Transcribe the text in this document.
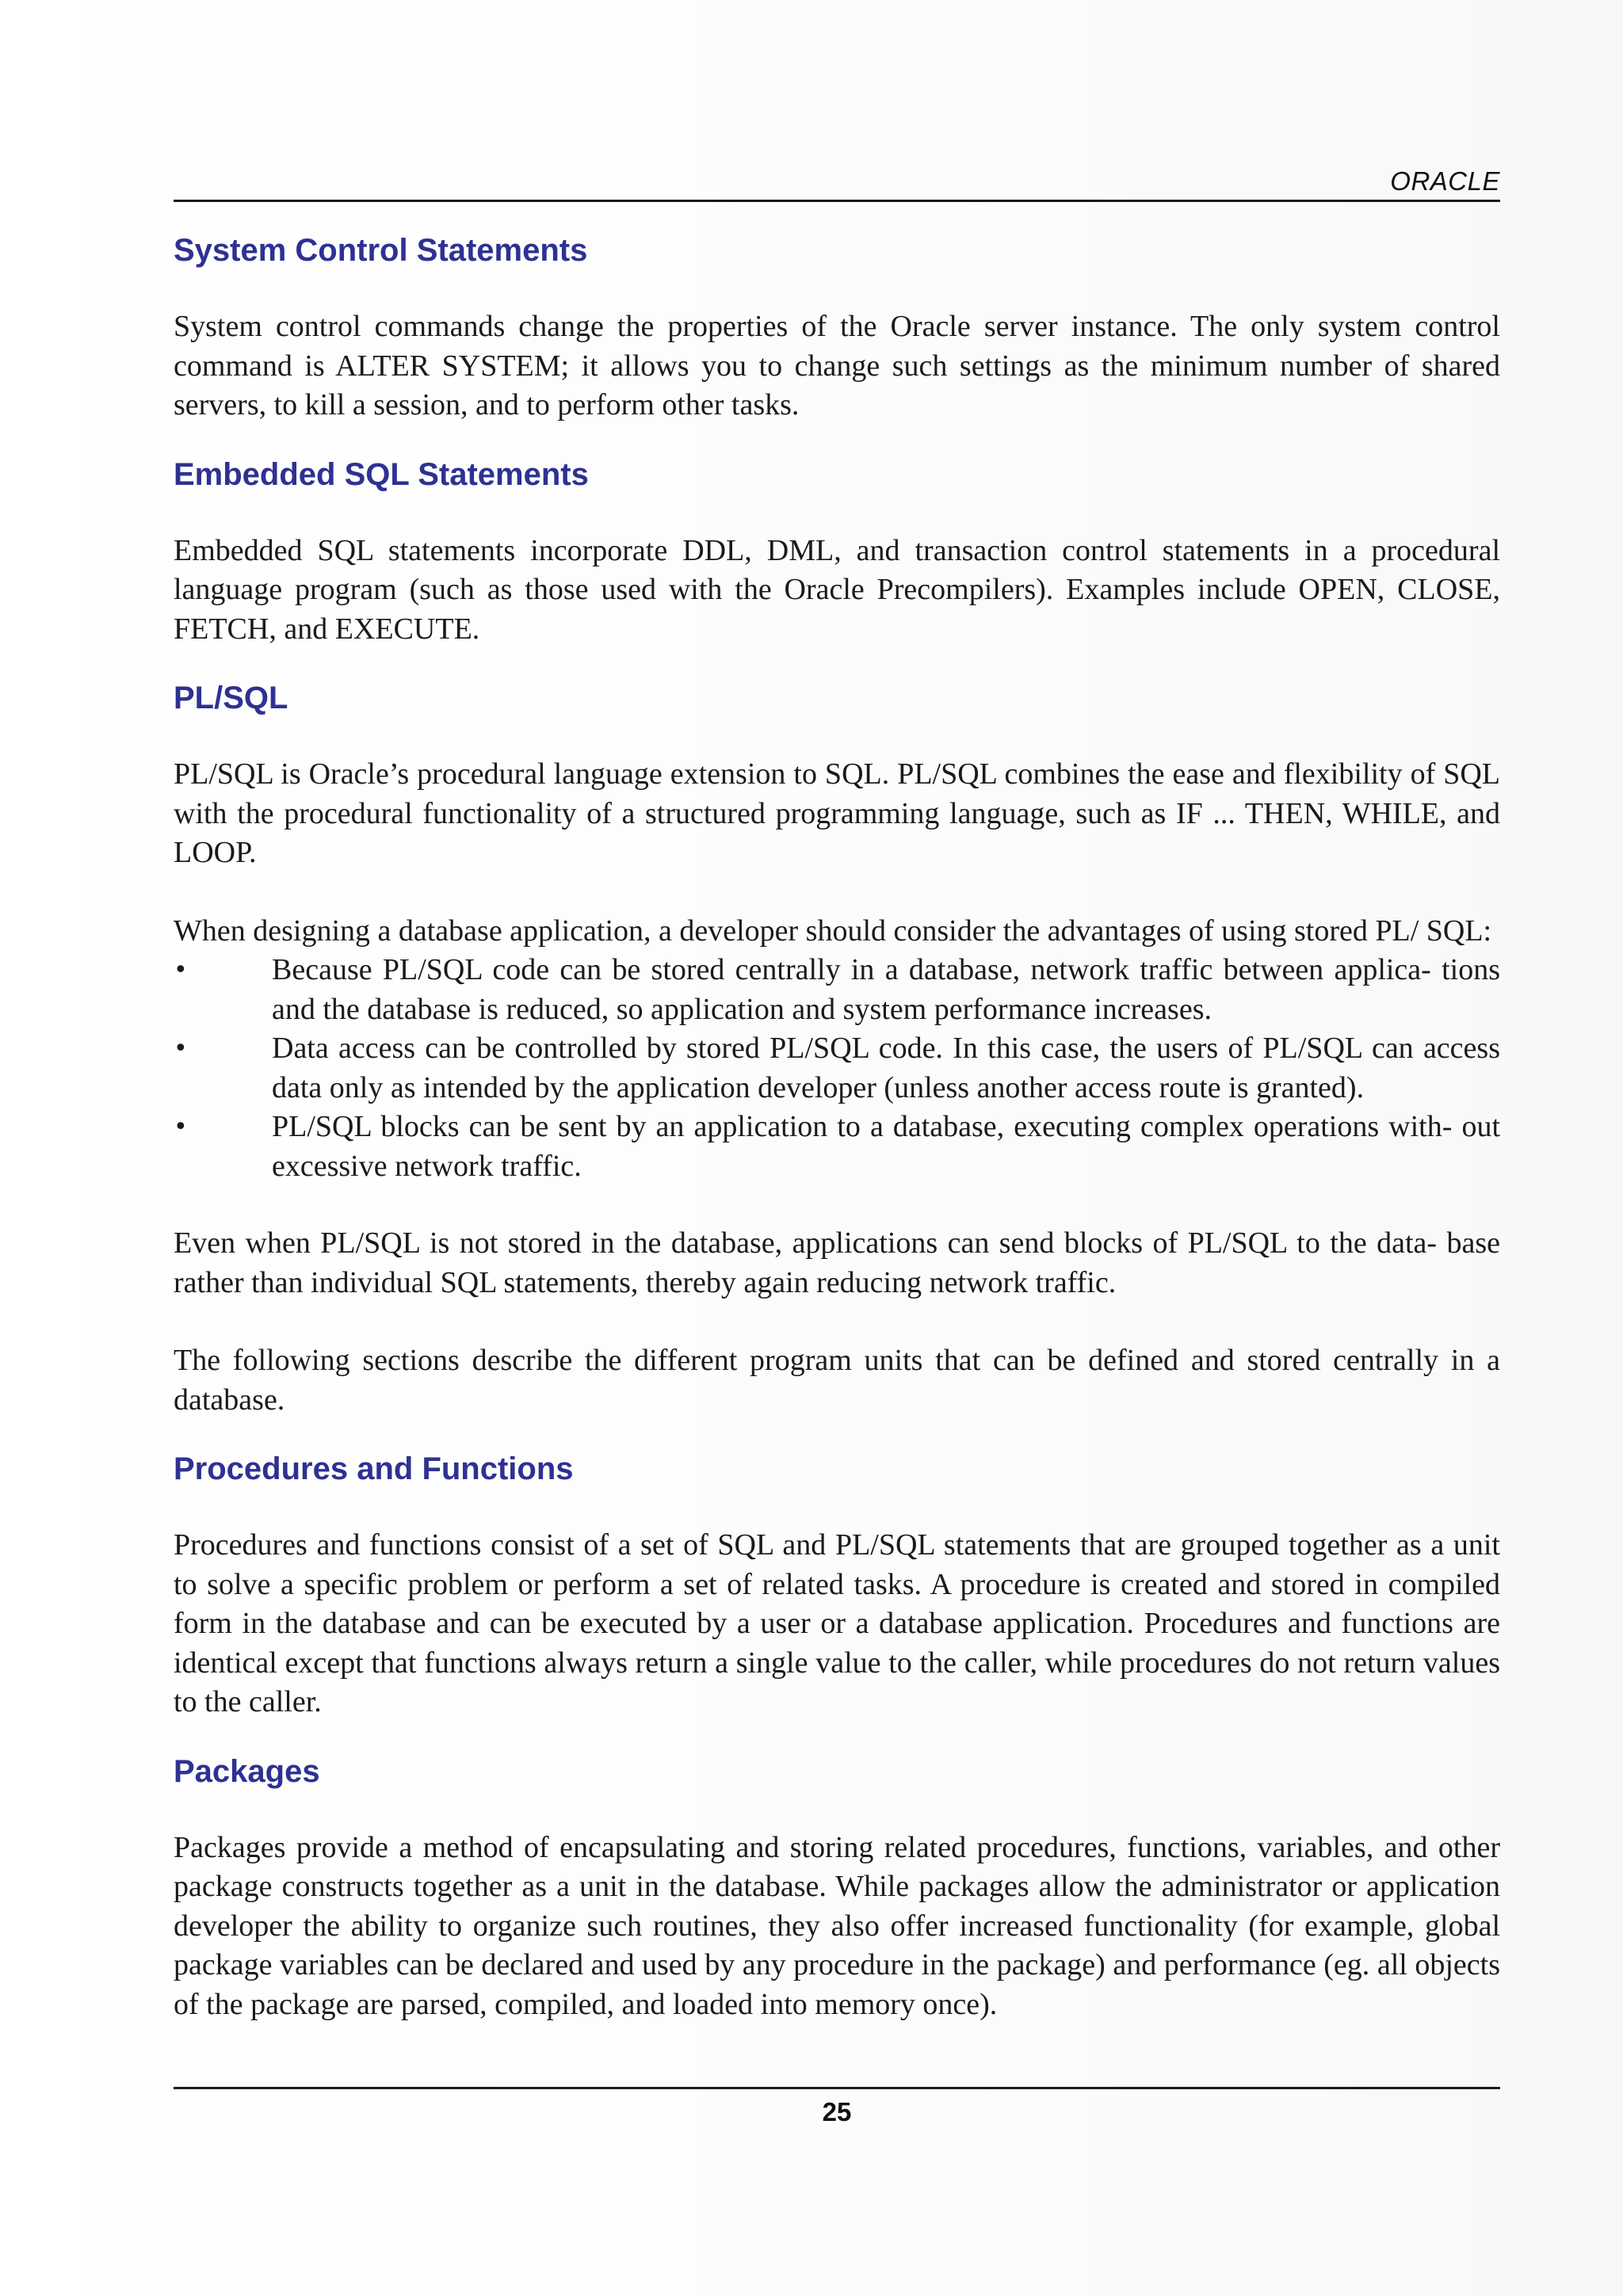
ORACLE
System Control Statements

System control commands change the properties of the Oracle server instance. The only system control command is ALTER SYSTEM; it allows you to change such settings as the minimum number of shared servers, to kill a session, and to perform other tasks.

Embedded SQL Statements

Embedded SQL statements incorporate DDL, DML, and transaction control statements in a procedural language program (such as those used with the Oracle Precompilers). Examples include OPEN, CLOSE, FETCH, and EXECUTE.

PL/SQL

PL/SQL is Oracle’s procedural language extension to SQL. PL/SQL combines the ease and flexibility of SQL with the procedural functionality of a structured programming language, such as IF ... THEN, WHILE, and LOOP.

When designing a database application, a developer should consider the advantages of using stored PL/ SQL:

•	Because PL/SQL code can be stored centrally in a database, network traffic between applica- tions and the database is reduced, so application and system performance increases.
•	Data access can be controlled by stored PL/SQL code. In this case, the users of PL/SQL can access data only as intended by the application developer (unless another access route is granted).
•	PL/SQL blocks can be sent by an application to a database, executing complex operations with- out excessive network traffic.

Even when PL/SQL is not stored in the database, applications can send blocks of PL/SQL to the data- base rather than individual SQL statements, thereby again reducing network traffic.

The following sections describe the different program units that can be defined and stored centrally in a database.

Procedures and Functions

Procedures and functions consist of a set of SQL and PL/SQL statements that are grouped together as a unit to solve a specific problem or perform a set of related tasks. A procedure is created and stored in compiled form in the database and can be executed by a user or a database application. Procedures and functions are identical except that functions always return a single value to the caller, while procedures do not return values to the caller.

Packages

Packages provide a method of encapsulating and storing related procedures, functions, variables, and other package constructs together as a unit in the database. While packages allow the administrator or application developer the ability to organize such routines, they also offer increased functionality (for example, global package variables can be declared and used by any procedure in the package) and performance (eg. all objects of the package are parsed, compiled, and loaded into memory once).

25
